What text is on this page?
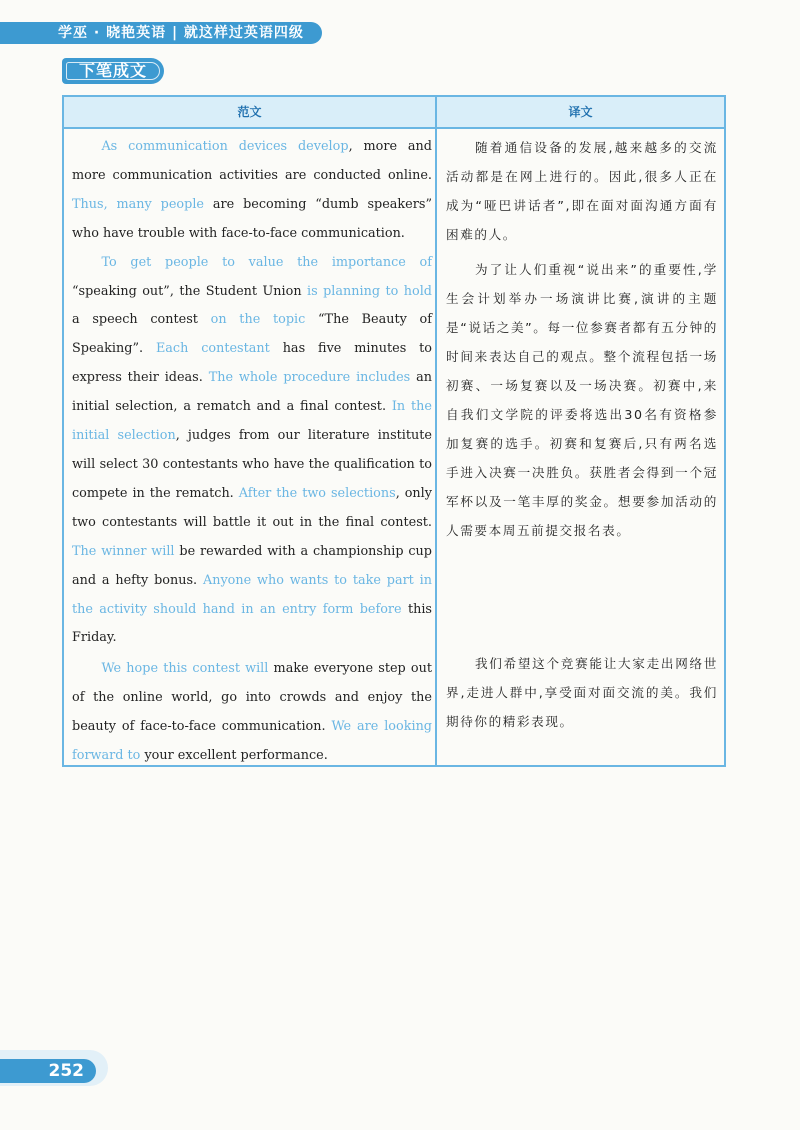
学巫 · 晓艳英语 | 就这样过英语四级
下笔成文
范文	译文

As communication devices develop, more and more communication activities are conducted online. Thus, many people are becoming “dumb speakers” who have trouble with face-to-face communication.

To get people to value the importance of “speaking out”, the Student Union is planning to hold a speech contest on the topic “The Beauty of Speaking”. Each contestant has five minutes to express their ideas. The whole procedure includes an initial selection, a rematch and a final contest. In the initial selection, judges from our literature institute will select 30 contestants who have the qualification to compete in the rematch. After the two selections, only two contestants will battle it out in the final contest. The winner will be rewarded with a championship cup and a hefty bonus. Anyone who wants to take part in the activity should hand in an entry form before this Friday.

We hope this contest will make everyone step out of the online world, go into crowds and enjoy the beauty of face-to-face communication. We are looking forward to your excellent performance.

随着通信设备的发展,越来越多的交流活动都是在网上进行的。因此,很多人正在成为“哑巴讲话者”,即在面对面沟通方面有困难的人。

为了让人们重视“说出来”的重要性,学生会计划举办一场演讲比赛,演讲的主题是“说话之美”。每一位参赛者都有五分钟的时间来表达自己的观点。整个流程包括一场初赛、一场复赛以及一场决赛。初赛中,来自我们文学院的评委将选出30名有资格参加复赛的选手。初赛和复赛后,只有两名选手进入决赛一决胜负。获胜者会得到一个冠军杯以及一笔丰厚的奖金。想要参加活动的人需要本周五前提交报名表。

我们希望这个竞赛能让大家走出网络世界,走进人群中,享受面对面交流的美。我们期待你的精彩表现。

252
